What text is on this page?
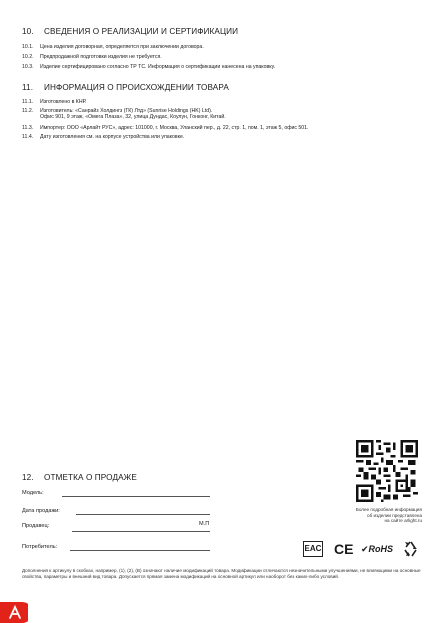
10. СВЕДЕНИЯ О РЕАЛИЗАЦИИ И СЕРТИФИКАЦИИ
10.1. Цена изделия договорная, определяется при заключении договора.
10.2. Предпродажной подготовки изделия не требуется.
10.3. Изделие сертифицировано согласно ТР ТС. Информация о сертификации нанесена на упаковку.
11. ИНФОРМАЦИЯ О ПРОИСХОЖДЕНИИ ТОВАРА
11.1. Изготовлено в КНР.
11.2. Изготовитель: «Санрайз Холдингз (ГК) Лтд» (Sunrise Holdings (HK) Ltd).
Офис 901, 9 этаж, «Омега Плаза», 32, улица Дундас, Коулун, Гонконг, Китай.
11.3. Импортер: ООО «Арлайт РУС», адрес: 101000, г. Москва, Уланский пер., д. 22, стр. 1, пом. 1, этаж 5, офис 501.
11.4. Дату изготовления см. на корпусе устройства или упаковке.
12. ОТМЕТКА О ПРОДАЖЕ
Модель:
Дата продажи:
Продавец:	М.П
Потребитель:
Более подробная информация
об изделии представлена
на сайте arlight.ru
EAC CE ✔RoHS
Дополнения к артикулу в скобках, например, (1), (2), (B) означают наличие модификаций товара. Модификации отличаются незначительными улучшениями, не влияющими на основные свойства, параметры и внешний вид товара. Допускается прямая замена модификаций на основной артикул или наоборот без каких-либо условий.
